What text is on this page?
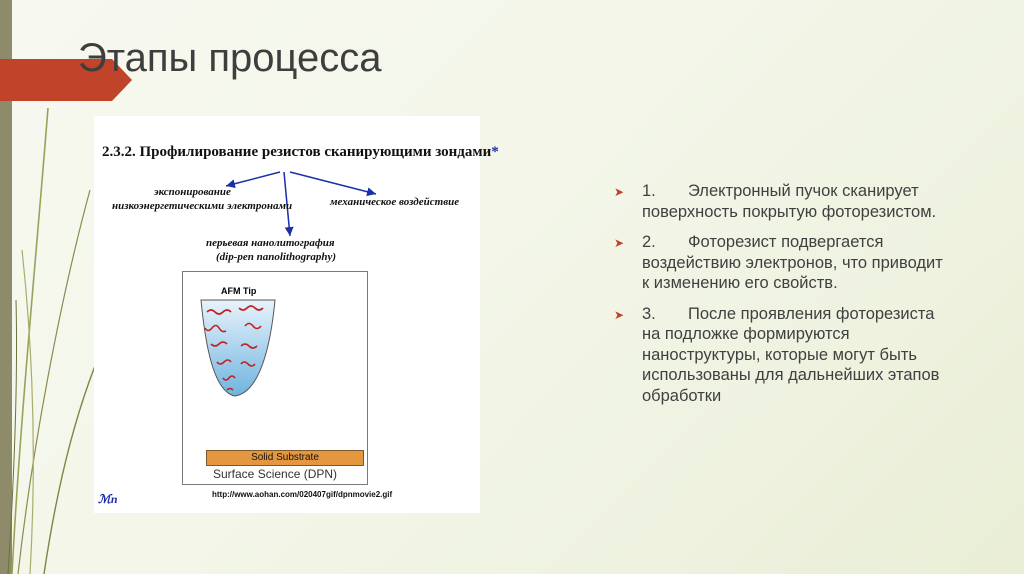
Этапы процесса
2.3.2. Профилирование резистов сканирующими зондами*
экспонирование
низкоэнергетическими электронами	механическое воздействие
перьевая нанолитография
(dip-pen nanolithography)
AFM Tip
Solid Substrate
Surface Science (DPN)
ℳn	http://www.aohan.com/020407gif/dpnmovie2.gif
➤ 1. Электронный пучок сканирует поверхность покрытую фоторезистом.
➤ 2. Фоторезист подвергается воздействию электронов, что приводит к изменению его свойств.
➤ 3. После проявления фоторезиста на подложке формируются наноструктуры, которые могут быть использованы для дальнейших этапов обработки
